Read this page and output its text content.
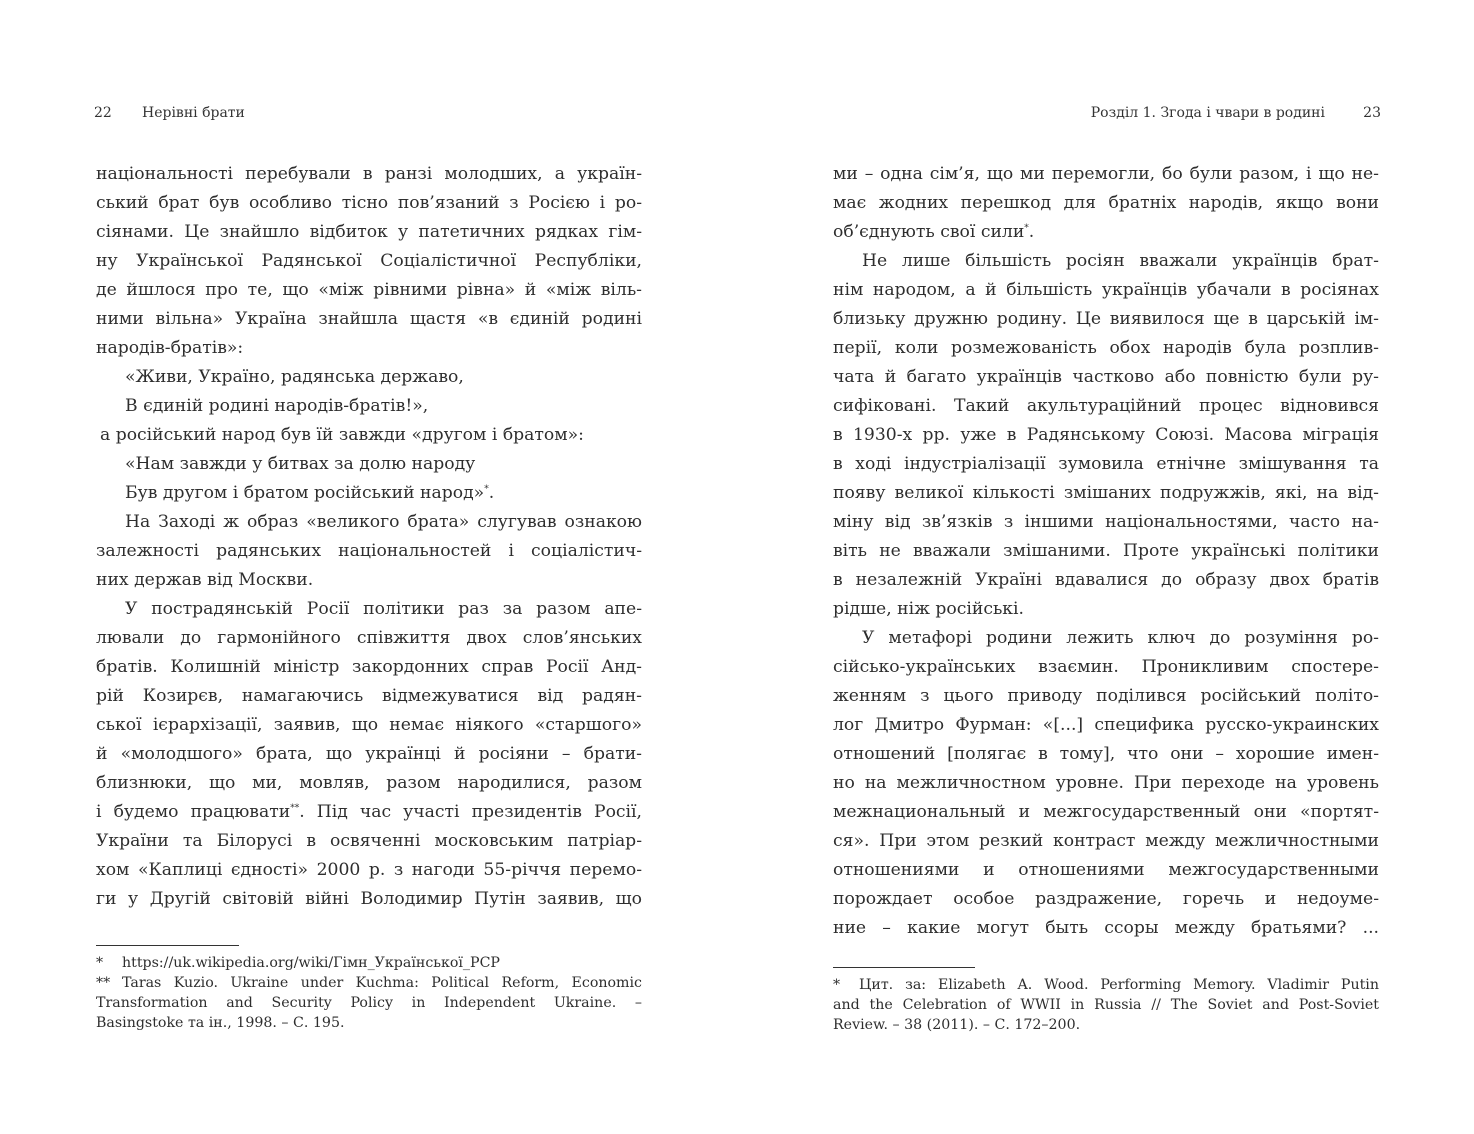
22 Нерівні брати
національності перебували в ранзі молодших, а україн-
ський брат був особливо тісно пов’язаний з Росією і ро-
сіянами. Це знайшло відбиток у патетичних рядках гім-
ну Української Радянської Соціалістичної Республіки,
де йшлося про те, що «між рівними рівна» й «між віль-
ними вільна» Україна знайшла щастя «в єдиній родині
народів-братів»:
«Живи, Україно, радянська державо,
В єдиній родині народів-братів!»,
а російський народ був їй завжди «другом і братом»:
«Нам завжди у битвах за долю народу
Був другом і братом російський народ»*.
На Заході ж образ «великого брата» слугував ознакою
залежності радянських національностей і соціалістич-
них держав від Москви.
У пострадянській Росії політики раз за разом апе-
лювали до гармонійного співжиття двох слов’янських
братів. Колишній міністр закордонних справ Росії Анд-
рій Козирєв, намагаючись відмежуватися від радян-
ської ієрархізації, заявив, що немає ніякого «старшого»
й «молодшого» брата, що українці й росіяни – брати-
близнюки, що ми, мовляв, разом народилися, разом
і будемо працювати**. Під час участі президентів Росії,
України та Білорусі в освяченні московським патріар-
хом «Каплиці єдності» 2000 р. з нагоди 55-річчя перемо-
ги у Другій світовій війні Володимир Путін заявив, що
* https://uk.wikipedia.org/wiki/Гімн_Української_РСР
** Taras Kuzio. Ukraine under Kuchma: Political Reform, Economic
Transformation and Security Policy in Independent Ukraine. –
Basingstoke та ін., 1998. – С. 195.
Розділ 1. Згода і чвари в родині	23
ми – одна сім’я, що ми перемогли, бо були разом, і що не-
має жодних перешкод для братніх народів, якщо вони
об’єднують свої сили*.
Не лише більшість росіян вважали українців брат-
нім народом, а й більшість українців убачали в росіянах
близьку дружню родину. Це виявилося ще в царській ім-
перії, коли розмежованість обох народів була розплив-
чата й багато українців частково або повністю були ру-
сифіковані. Такий акультураційний процес відновився
в 1930-х рр. уже в Радянському Союзі. Масова міграція
в ході індустріалізації зумовила етнічне змішування та
появу великої кількості змішаних подружжів, які, на від-
міну від зв’язків з іншими національностями, часто на-
віть не вважали змішаними. Проте українські політики
в незалежній Україні вдавалися до образу двох братів
рідше, ніж російські.
У метафорі родини лежить ключ до розуміння ро-
сійсько-українських взаємин. Проникливим спостере-
женням з цього приводу поділився російський політо-
лог Дмитро Фурман: «[...] специфика русско-украинских
отношений [полягає в тому], что они – хорошие имен-
но на межличностном уровне. При переходе на уровень
межнациональный и межгосударственный они «портят-
ся». При этом резкий контраст между межличностными
отношениями и отношениями межгосударственными
порождает особое раздражение, горечь и недоуме-
ние – какие могут быть ссоры между братьями? ...
* Цит. за: Elizabeth A. Wood. Performing Memory. Vladimir Putin
and the Celebration of WWII in Russia // The Soviet and Post-Soviet
Review. – 38 (2011). – С. 172–200.
